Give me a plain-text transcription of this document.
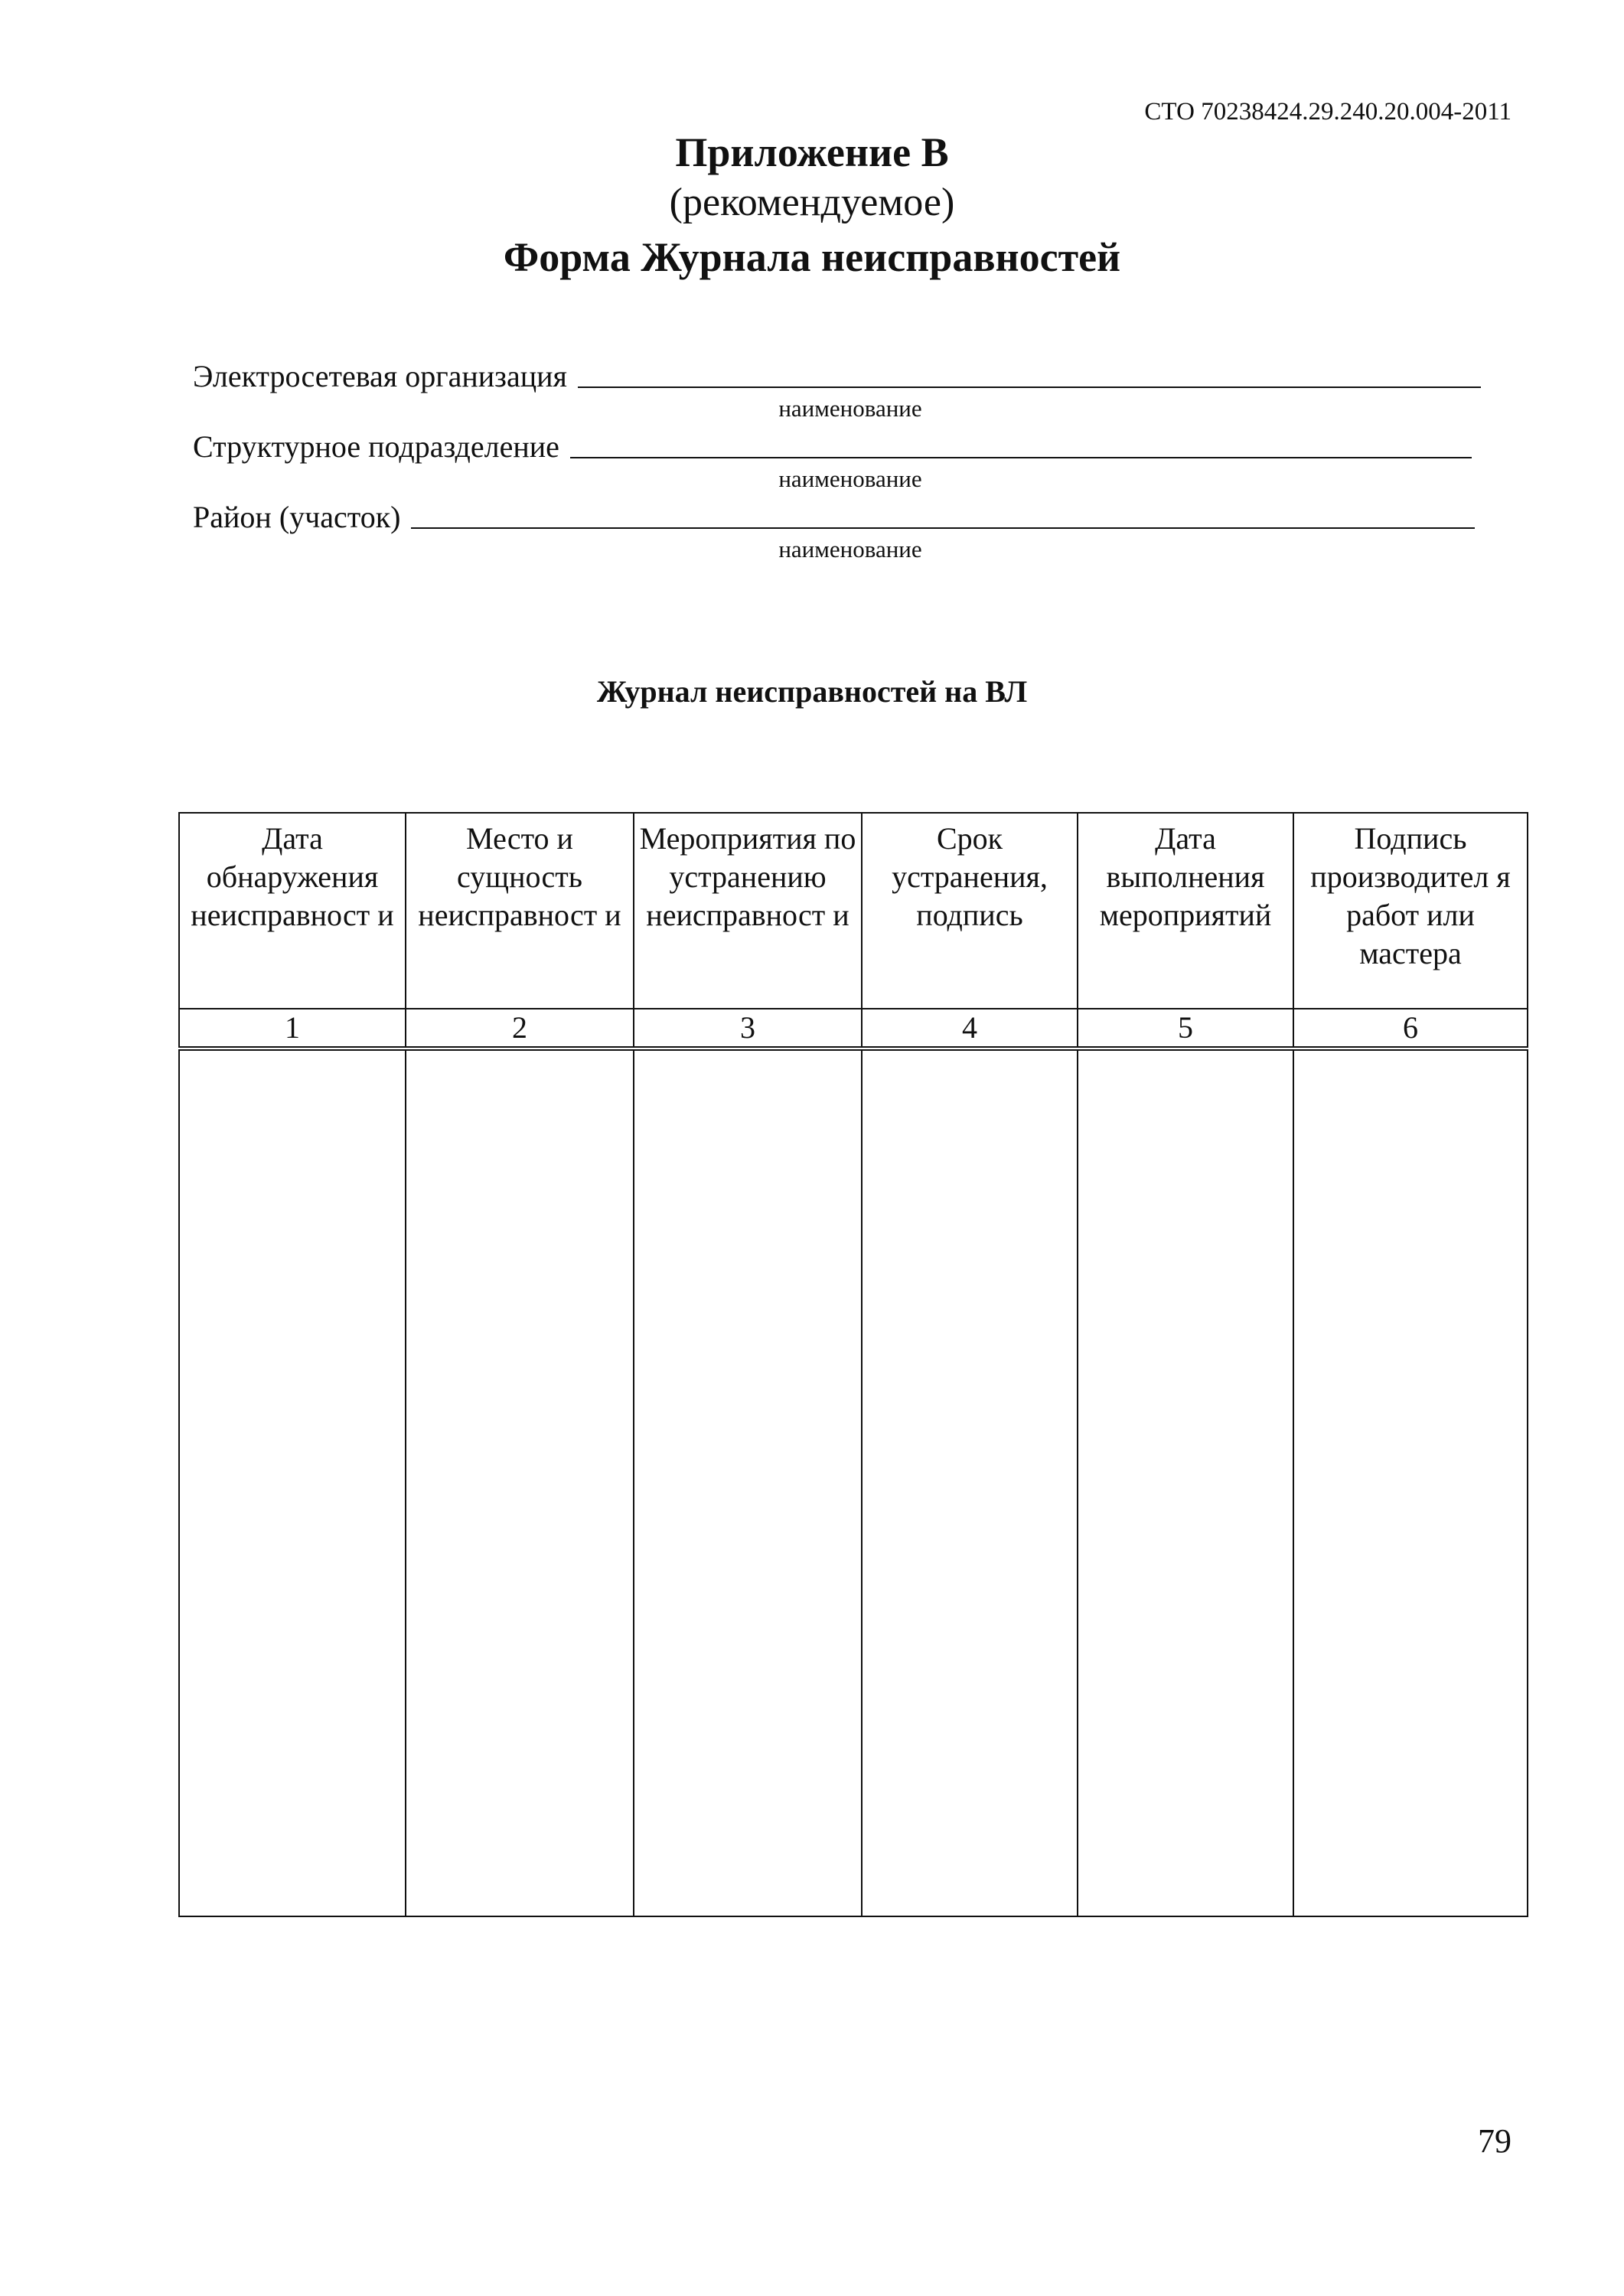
СТО 70238424.29.240.20.004-2011
Приложение В
(рекомендуемое)
Форма Журнала неисправностей
Электросетевая организация
наименование
Структурное подразделение
наименование
Район (участок)
наименование
Журнал неисправностей на ВЛ
Дата обнаружения неисправност и	Место и сущность неисправност и	Мероприятия по устранению неисправност и	Срок устранения, подпись	Дата выполнения мероприятий	Подпись производител я работ или мастера
1	2	3	4	5	6

79
